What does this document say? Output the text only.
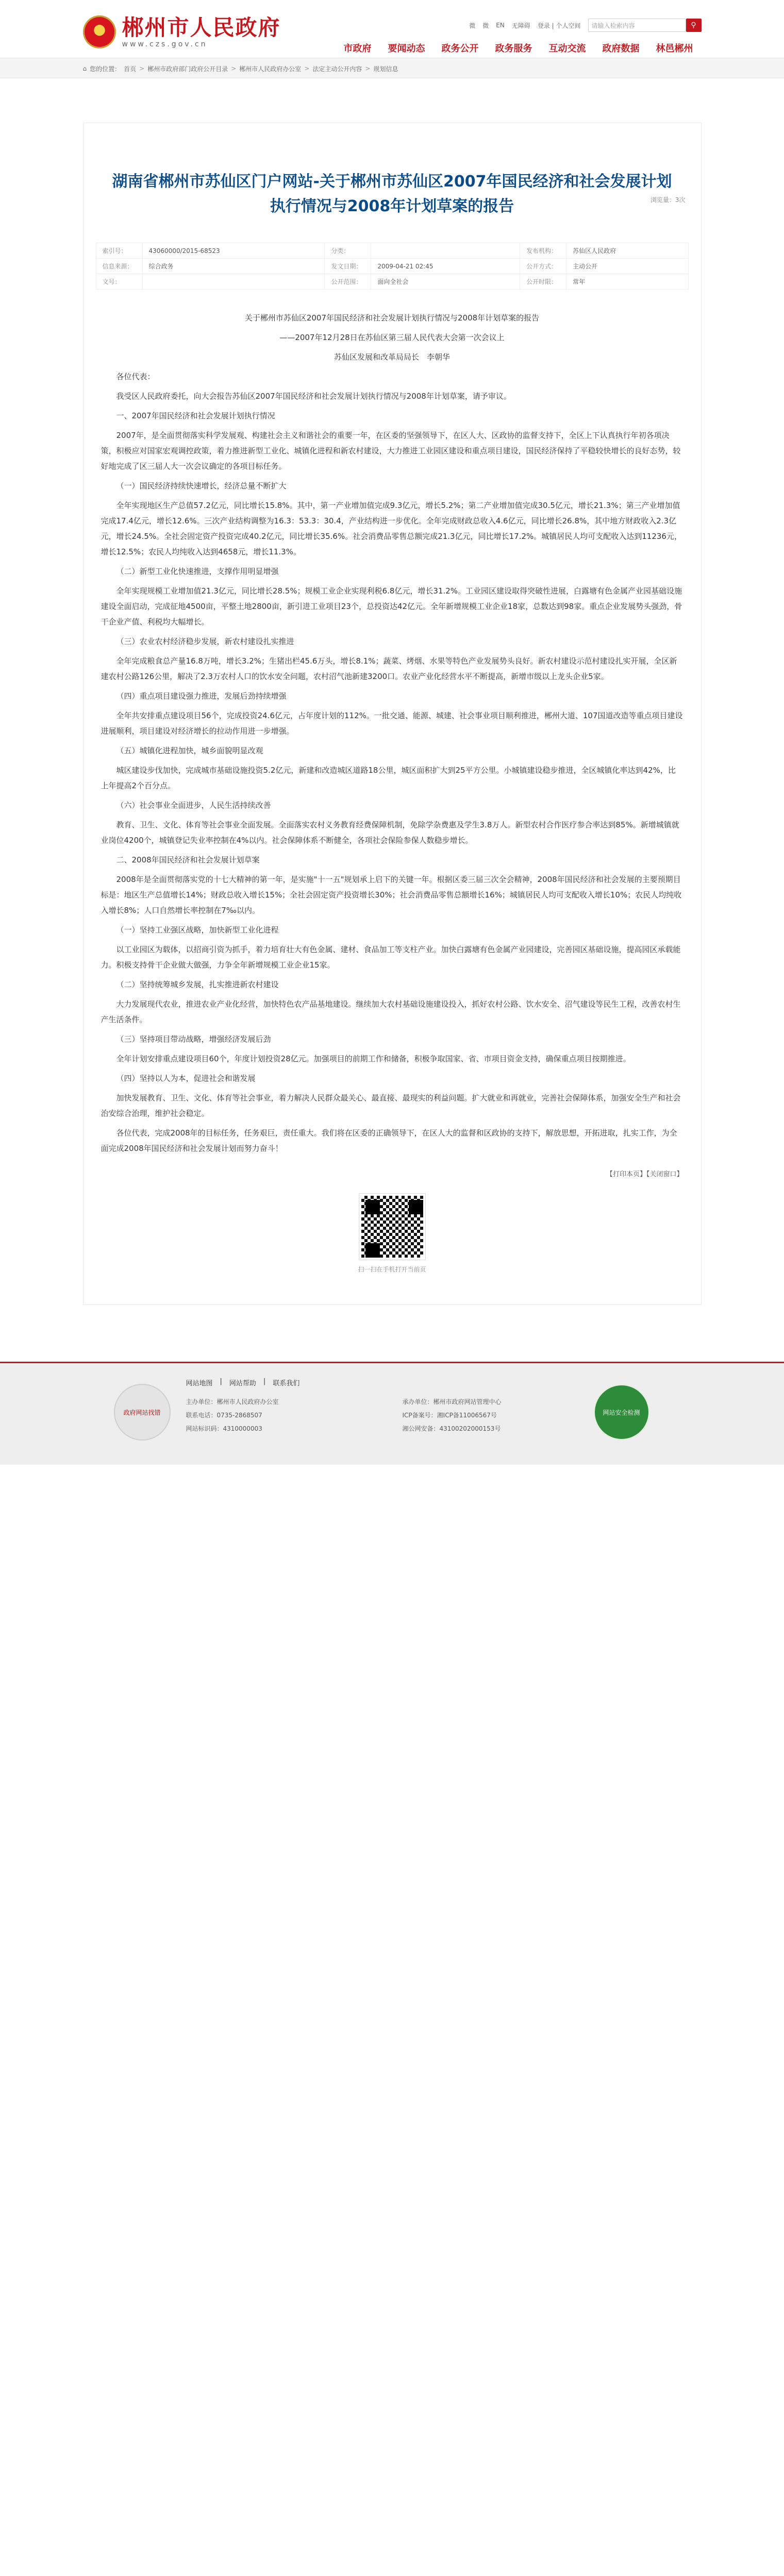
郴州市人民政府
www.czs.gov.cn
微 微 EN 无障碍 登录 | 个人空间 请输入检索内容	⚲
市政府	要闻动态	政务公开	政务服务	互动交流	政府数据	林邑郴州
⌂ 您的位置： 首页 > 郴州市政府部门政府公开目录 > 郴州市人民政府办公室 > 法定主动公开内容 > 规划信息
浏览量：3次
湖南省郴州市苏仙区门户网站-关于郴州市苏仙区2007年国民经济和社会发展计划执行情况与2008年计划草案的报告
索引号：	43060000/2015-68523	分类：		发布机构：	苏仙区人民政府
信息来源：	综合政务	发文日期：	2009-04-21 02:45	公开方式：	主动公开
文号：		公开范围：	面向全社会	公开时限：	常年

关于郴州市苏仙区2007年国民经济和社会发展计划执行情况与2008年计划草案的报告

——2007年12月28日在苏仙区第三届人民代表大会第一次会议上

苏仙区发展和改革局局长　李朝华

各位代表：

我受区人民政府委托，向大会报告苏仙区2007年国民经济和社会发展计划执行情况与2008年计划草案，请予审议。

一、2007年国民经济和社会发展计划执行情况

2007年，是全面贯彻落实科学发展观、构建社会主义和谐社会的重要一年，在区委的坚强领导下，在区人大、区政协的监督支持下，全区上下认真执行年初各项决策，积极应对国家宏观调控政策，着力推进新型工业化、城镇化进程和新农村建设，大力推进工业园区建设和重点项目建设，国民经济保持了平稳较快增长的良好态势，较好地完成了区三届人大一次会议确定的各项目标任务。

（一）国民经济持续快速增长，经济总量不断扩大

全年实现地区生产总值57.2亿元，同比增长15.8%。其中，第一产业增加值完成9.3亿元，增长5.2%；第二产业增加值完成30.5亿元，增长21.3%；第三产业增加值完成17.4亿元，增长12.6%。三次产业结构调整为16.3：53.3：30.4，产业结构进一步优化。全年完成财政总收入4.6亿元，同比增长26.8%，其中地方财政收入2.3亿元，增长24.5%。全社会固定资产投资完成40.2亿元，同比增长35.6%。社会消费品零售总额完成21.3亿元，同比增长17.2%。城镇居民人均可支配收入达到11236元，增长12.5%；农民人均纯收入达到4658元，增长11.3%。

（二）新型工业化快速推进，支撑作用明显增强

全年实现规模工业增加值21.3亿元，同比增长28.5%；规模工业企业实现利税6.8亿元，增长31.2%。工业园区建设取得突破性进展，白露塘有色金属产业园基础设施建设全面启动，完成征地4500亩，平整土地2800亩，新引进工业项目23个，总投资达42亿元。全年新增规模工业企业18家，总数达到98家。重点企业发展势头强劲，骨干企业产值、利税均大幅增长。

（三）农业农村经济稳步发展，新农村建设扎实推进

全年完成粮食总产量16.8万吨，增长3.2%；生猪出栏45.6万头，增长8.1%；蔬菜、烤烟、水果等特色产业发展势头良好。新农村建设示范村建设扎实开展，全区新建农村公路126公里，解决了2.3万农村人口的饮水安全问题，农村沼气池新建3200口。农业产业化经营水平不断提高，新增市级以上龙头企业5家。

（四）重点项目建设强力推进，发展后劲持续增强

全年共安排重点建设项目56个，完成投资24.6亿元，占年度计划的112%。一批交通、能源、城建、社会事业项目顺利推进，郴州大道、107国道改造等重点项目建设进展顺利，项目建设对经济增长的拉动作用进一步增强。

（五）城镇化进程加快，城乡面貌明显改观

城区建设步伐加快，完成城市基础设施投资5.2亿元，新建和改造城区道路18公里，城区面积扩大到25平方公里。小城镇建设稳步推进，全区城镇化率达到42%，比上年提高2个百分点。

（六）社会事业全面进步，人民生活持续改善

教育、卫生、文化、体育等社会事业全面发展。全面落实农村义务教育经费保障机制，免除学杂费惠及学生3.8万人。新型农村合作医疗参合率达到85%。新增城镇就业岗位4200个，城镇登记失业率控制在4%以内。社会保障体系不断健全，各项社会保险参保人数稳步增长。

二、2008年国民经济和社会发展计划草案

2008年是全面贯彻落实党的十七大精神的第一年，是实施"十一五"规划承上启下的关键一年。根据区委三届三次全会精神，2008年国民经济和社会发展的主要预期目标是：地区生产总值增长14%；财政总收入增长15%；全社会固定资产投资增长30%；社会消费品零售总额增长16%；城镇居民人均可支配收入增长10%；农民人均纯收入增长8%；人口自然增长率控制在7‰以内。

（一）坚持工业强区战略，加快新型工业化进程

以工业园区为载体，以招商引资为抓手，着力培育壮大有色金属、建材、食品加工等支柱产业。加快白露塘有色金属产业园建设，完善园区基础设施，提高园区承载能力。积极支持骨干企业做大做强，力争全年新增规模工业企业15家。

（二）坚持统筹城乡发展，扎实推进新农村建设

大力发展现代农业，推进农业产业化经营，加快特色农产品基地建设。继续加大农村基础设施建设投入，抓好农村公路、饮水安全、沼气建设等民生工程，改善农村生产生活条件。

（三）坚持项目带动战略，增强经济发展后劲

全年计划安排重点建设项目60个，年度计划投资28亿元。加强项目的前期工作和储备，积极争取国家、省、市项目资金支持，确保重点项目按期推进。

（四）坚持以人为本，促进社会和谐发展

加快发展教育、卫生、文化、体育等社会事业，着力解决人民群众最关心、最直接、最现实的利益问题。扩大就业和再就业，完善社会保障体系，加强安全生产和社会治安综合治理，维护社会稳定。

各位代表，完成2008年的目标任务，任务艰巨，责任重大。我们将在区委的正确领导下，在区人大的监督和区政协的支持下，解放思想，开拓进取，扎实工作，为全面完成2008年国民经济和社会发展计划而努力奋斗！

【打印本页】【关闭窗口】
扫一扫在手机打开当前页
政府网站找错
网站地图 | 网站帮助 | 联系我们
主办单位：郴州市人民政府办公室	承办单位：郴州市政府网站管理中心
联系电话：0735-2868507	ICP备案号：湘ICP备11006567号
网站标识码：4310000003	湘公网安备：43100202000153号
网站安全检测
